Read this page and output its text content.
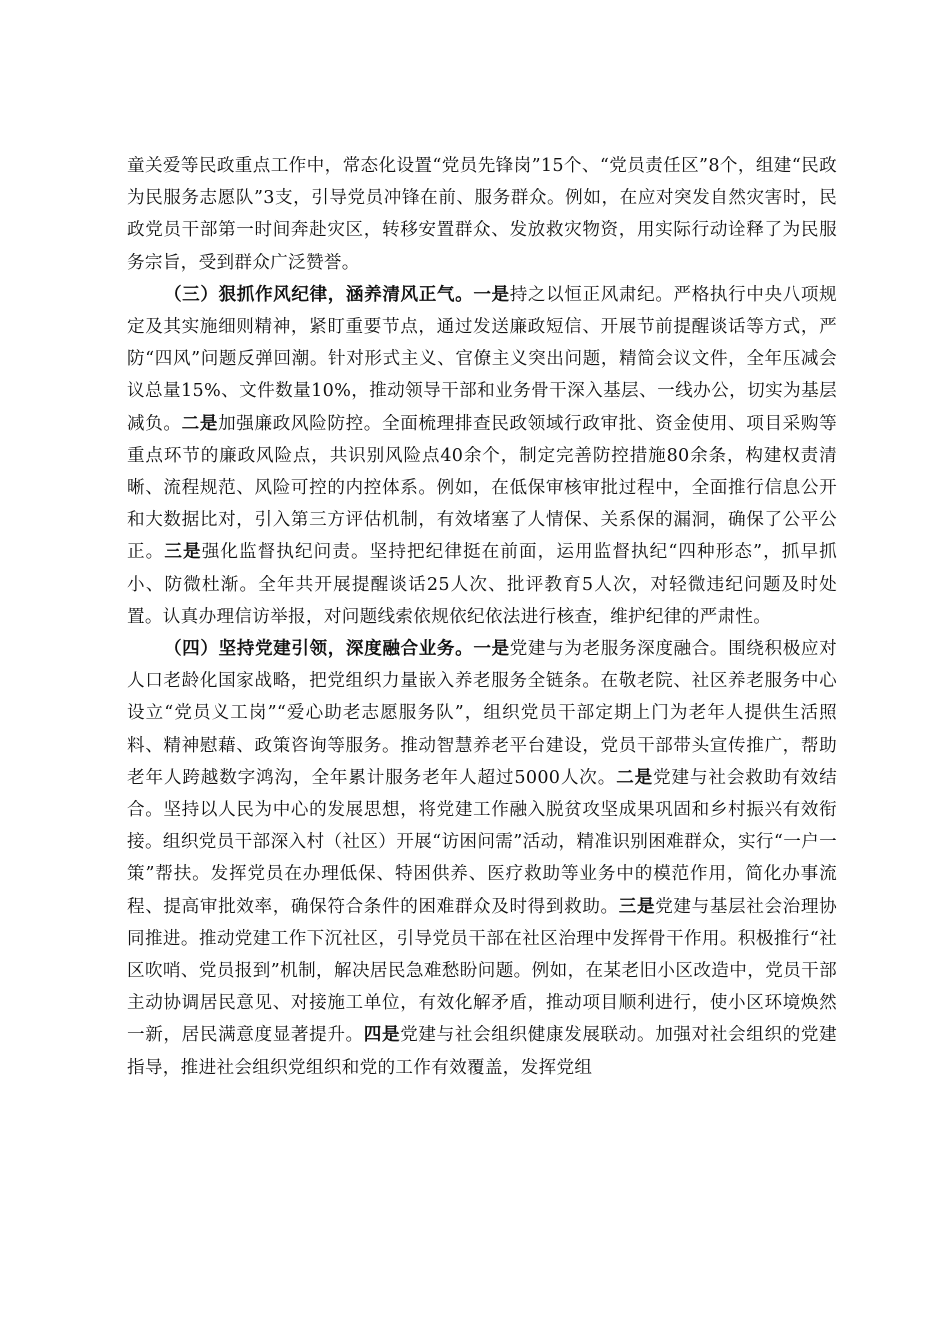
童关爱等民政重点工作中，常态化设置“党员先锋岗”15个、“党员责任区”8个，组建“民政为民服务志愿队”3支，引导党员冲锋在前、服务群众。例如，在应对突发自然灾害时，民政党员干部第一时间奔赴灾区，转移安置群众、发放救灾物资，用实际行动诠释了为民服务宗旨，受到群众广泛赞誉。

（三）狠抓作风纪律，涵养清风正气。一是持之以恒正风肃纪。严格执行中央八项规定及其实施细则精神，紧盯重要节点，通过发送廉政短信、开展节前提醒谈话等方式，严防“四风”问题反弹回潮。针对形式主义、官僚主义突出问题，精简会议文件，全年压减会议总量15%、文件数量10%，推动领导干部和业务骨干深入基层、一线办公，切实为基层减负。二是加强廉政风险防控。全面梳理排查民政领域行政审批、资金使用、项目采购等重点环节的廉政风险点，共识别风险点40余个，制定完善防控措施80余条，构建权责清晰、流程规范、风险可控的内控体系。例如，在低保审核审批过程中，全面推行信息公开和大数据比对，引入第三方评估机制，有效堵塞了人情保、关系保的漏洞，确保了公平公正。三是强化监督执纪问责。坚持把纪律挺在前面，运用监督执纪“四种形态”，抓早抓小、防微杜渐。全年共开展提醒谈话25人次、批评教育5人次，对轻微违纪问题及时处置。认真办理信访举报，对问题线索依规依纪依法进行核查，维护纪律的严肃性。

（四）坚持党建引领，深度融合业务。一是党建与为老服务深度融合。围绕积极应对人口老龄化国家战略，把党组织力量嵌入养老服务全链条。在敬老院、社区养老服务中心设立“党员义工岗”“爱心助老志愿服务队”，组织党员干部定期上门为老年人提供生活照料、精神慰藉、政策咨询等服务。推动智慧养老平台建设，党员干部带头宣传推广，帮助老年人跨越数字鸿沟，全年累计服务老年人超过5000人次。二是党建与社会救助有效结合。坚持以人民为中心的发展思想，将党建工作融入脱贫攻坚成果巩固和乡村振兴有效衔接。组织党员干部深入村（社区）开展“访困问需”活动，精准识别困难群众，实行“一户一策”帮扶。发挥党员在办理低保、特困供养、医疗救助等业务中的模范作用，简化办事流程、提高审批效率，确保符合条件的困难群众及时得到救助。三是党建与基层社会治理协同推进。推动党建工作下沉社区，引导党员干部在社区治理中发挥骨干作用。积极推行“社区吹哨、党员报到”机制，解决居民急难愁盼问题。例如，在某老旧小区改造中，党员干部主动协调居民意见、对接施工单位，有效化解矛盾，推动项目顺利进行，使小区环境焕然一新，居民满意度显著提升。四是党建与社会组织健康发展联动。加强对社会组织的党建指导，推进社会组织党组织和党的工作有效覆盖，发挥党组
